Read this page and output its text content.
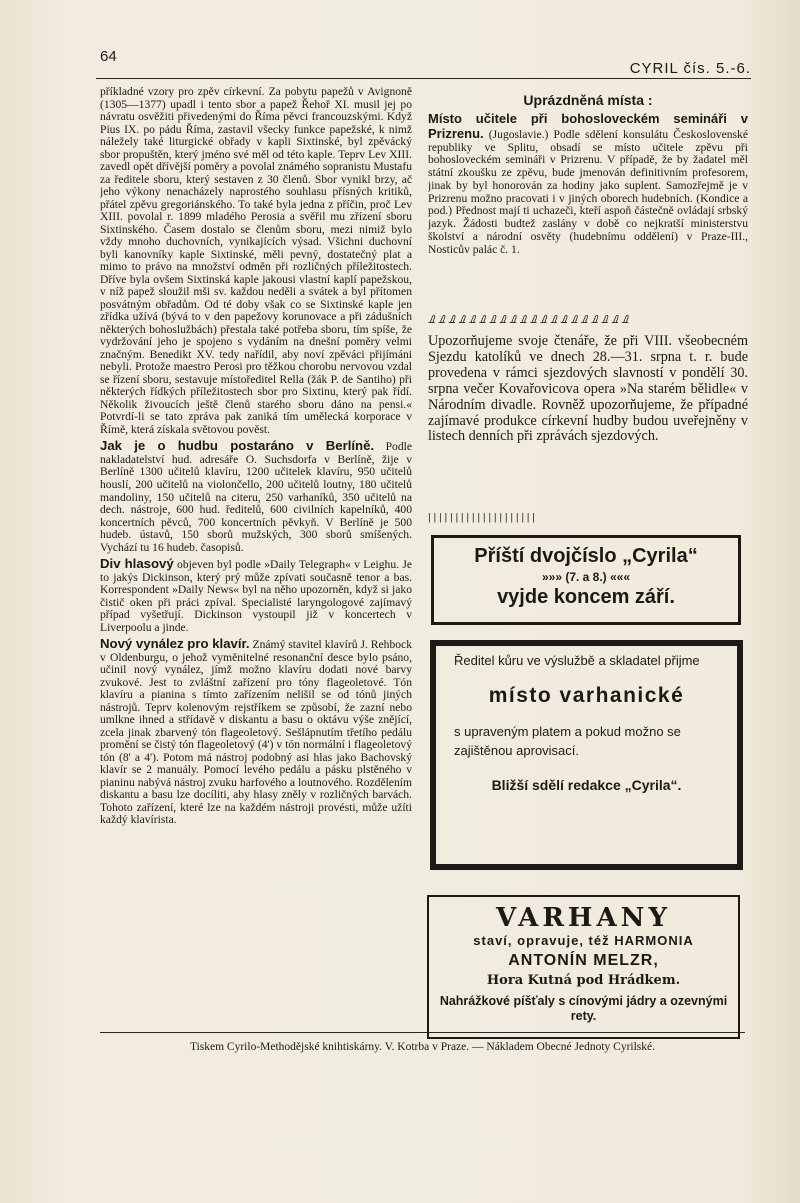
64
CYRIL čís. 5.-6.

příkladné vzory pro zpěv církevní. Za pobytu papežů v Avignoně (1305—1377) upadl i tento sbor a papež Řehoř XI. musil jej po návratu osvěžiti přivedenými do Říma pěvci francouzskými. Když Pius IX. po pádu Říma, zastavil všecky funkce papežské, k nimž náležely také liturgické obřady v kapli Sixtinské, byl zpěvácký sbor propuštěn, který jméno své měl od této kaple. Teprv Lev XIII. zavedl opět dřívější poměry a povolal známého sopranistu Mustafu za ředitele sboru, který sestaven z 30 členů. Sbor vynikl brzy, ač jeho výkony nenacházely naprostého souhlasu přísných kritiků, přátel zpěvu gregoriánského. To také byla jedna z příčin, proč Lev XIII. povolal r. 1899 mladého Perosia a svěřil mu zřízení sboru Sixtinského. Časem dostalo se členům sboru, mezi nimiž bylo vždy mnoho duchovních, vynikajících výsad. Všichni duchovní byli kanovníky kaple Sixtinské, měli pevný, dostatečný plat a mimo to právo na množství odměn při rozličných příležitostech. Dříve byla ovšem Sixtinská kaple jakousi vlastní kaplí papežskou, v níž papež sloužil mši sv. každou neděli a svátek a byl přítomen posvátným obřadům. Od té doby však co se Sixtinské kaple jen zřídka užívá (bývá to v den papežovy korunovace a při zádušních některých bohoslužbách) přestala také potřeba sboru, tím spíše, že vydržování jeho je spojeno s vydáním na dnešní poměry velmi značným. Benedikt XV. tedy nařídil, aby noví zpěváci přijímáni nebyli. Protože maestro Perosi pro těžkou chorobu nervovou vzdal se řízení sboru, sestavuje místoředitel Rella (žák P. de Santiho) při některých řídkých příležitostech sbor pro Sixtinu, který pak řídí. Několik živoucích ještě členů starého sboru dáno na pensi.« Potvrdí-li se tato zpráva pak zaniká tím umělecká korporace v Římě, která získala světovou pověst.

Jak je o hudbu postaráno v Berlíně. Podle nakladatelství hud. adresáře O. Suchsdorfa v Berlíně, žije v Berlíně 1300 učitelů klavíru, 1200 učitelek klavíru, 950 učitelů houslí, 200 učitelů na violončello, 200 učitelů loutny, 180 učitelů mandoliny, 150 učitelů na citeru, 250 varhaníků, 350 učitelů na dech. nástroje, 600 hud. ředitelů, 600 civilních kapelníků, 400 koncertních pěvců, 700 koncertních pěvkyň. V Berlíně je 500 hudeb. ústavů, 150 sborů mužských, 300 sborů smíšených. Vychází tu 16 hudeb. časopisů.

Div hlasový objeven byl podle »Daily Telegraph« v Leighu. Je to jakýs Dickinson, který prý může zpívati současně tenor a bas. Korrespondent »Daily News« byl na něho upozorněn, když si jako čistič oken při práci zpíval. Specialisté laryngologové zajímavý případ vyšetřují. Dickinson vystoupil již v koncertech v Liverpoolu a jinde.

Nový vynález pro klavír. Známý stavitel klavírů J. Rehbock v Oldenburgu, o jehož vyměnitelné resonanční desce bylo psáno, učinil nový vynález, jímž možno klavíru dodati nové barvy zvukové. Jest to zvláštní zařízení pro tóny flageoletové. Tón klavíru a pianina s tímto zařízením nelišil se od tónů jiných nástrojů. Teprv kolenovým rejstříkem se způsobí, že zazní nebo umlkne ihned a střídavě v diskantu a basu o oktávu výše znějící, zcela jinak zbarvený tón flageoletový. Sešlápnutím třetího pedálu promění se čistý tón flageoletový (4') v tón normální i flageoletový tón (8' a 4'). Potom má nástroj podobný asi hlas jako Bachovský klavír se 2 manuály. Pomocí levého pedálu a pásku plstěného v pianinu nabývá nástroj zvuku harfového a loutnového. Rozdělením diskantu a basu lze docíliti, aby hlasy zněly v rozličných barvách. Tohoto zařízení, které lze na každém nástroji provésti, může užíti každý klavírista.

Uprázdněná místa :

Místo učitele při bohosloveckém semináři v Prizrenu. (Jugoslavie.) Podle sdělení konsulátu Československé republiky ve Splitu, obsadí se místo učitele zpěvu při bohosloveckém semináři v Prizrenu. V případě, že by žadatel měl státní zkoušku ze zpěvu, bude jmenován definitivním profesorem, jinak by byl honorován za hodiny jako suplent. Samozřejmě je v Prizrenu možno pracovati i v jiných oborech hudebních. (Kondice a pod.) Přednost mají ti uchazeči, kteří aspoň částečně ovládají srbský jazyk. Žádosti budtež zaslány v době co nejkratší ministerstvu školství a národní osvěty (hudebnímu oddělení) v Praze-III., Nosticův palác č. 1.

ࡈ ࡈ ࡈ ࡈ ࡈ ࡈ ࡈ ࡈ ࡈ ࡈ ࡈ ࡈ ࡈ ࡈ ࡈ ࡈ ࡈ ࡈ ࡈ ࡈ

Upozorňujeme svoje čtenáře, že při VIII. všeobecném Sjezdu katolíků ve dnech 28.—31. srpna t. r. bude provedena v rámci sjezdových slavností v pondělí 30. srpna večer Kovařovicova opera »Na starém bělidle« v Národním divadle. Rovněž upozorňujeme, že případné zajímavé produkce církevní hudby budou uveřejněny v listech denních při zprávách sjezdových.

ࡆ ࡆ ࡆ ࡆ ࡆ ࡆ ࡆ ࡆ ࡆ ࡆ ࡆ ࡆ ࡆ ࡆ ࡆ ࡆ ࡆ ࡆ ࡆ ࡆ
Příští dvojčíslo „Cyrila“
»»» (7. a 8.) «««
vyjde koncem září.
Ředitel kůru ve výslužbě a skladatel přijme
místo varhanické
s upraveným platem a pokud možno se zajištěnou aprovisací.
Bližší sdělí redakce „Cyrila“.
VARHANY
staví, opravuje, též HARMONIA
ANTONÍN MELZR,
Hora Kutná pod Hrádkem.
Nahrážkové píšťaly s cínovými jádry a ozevnými rety.
Tiskem Cyrilo-Methodějské knihtiskárny. V. Kotrba v Praze. — Nákladem Obecné Jednoty Cyrilské.
